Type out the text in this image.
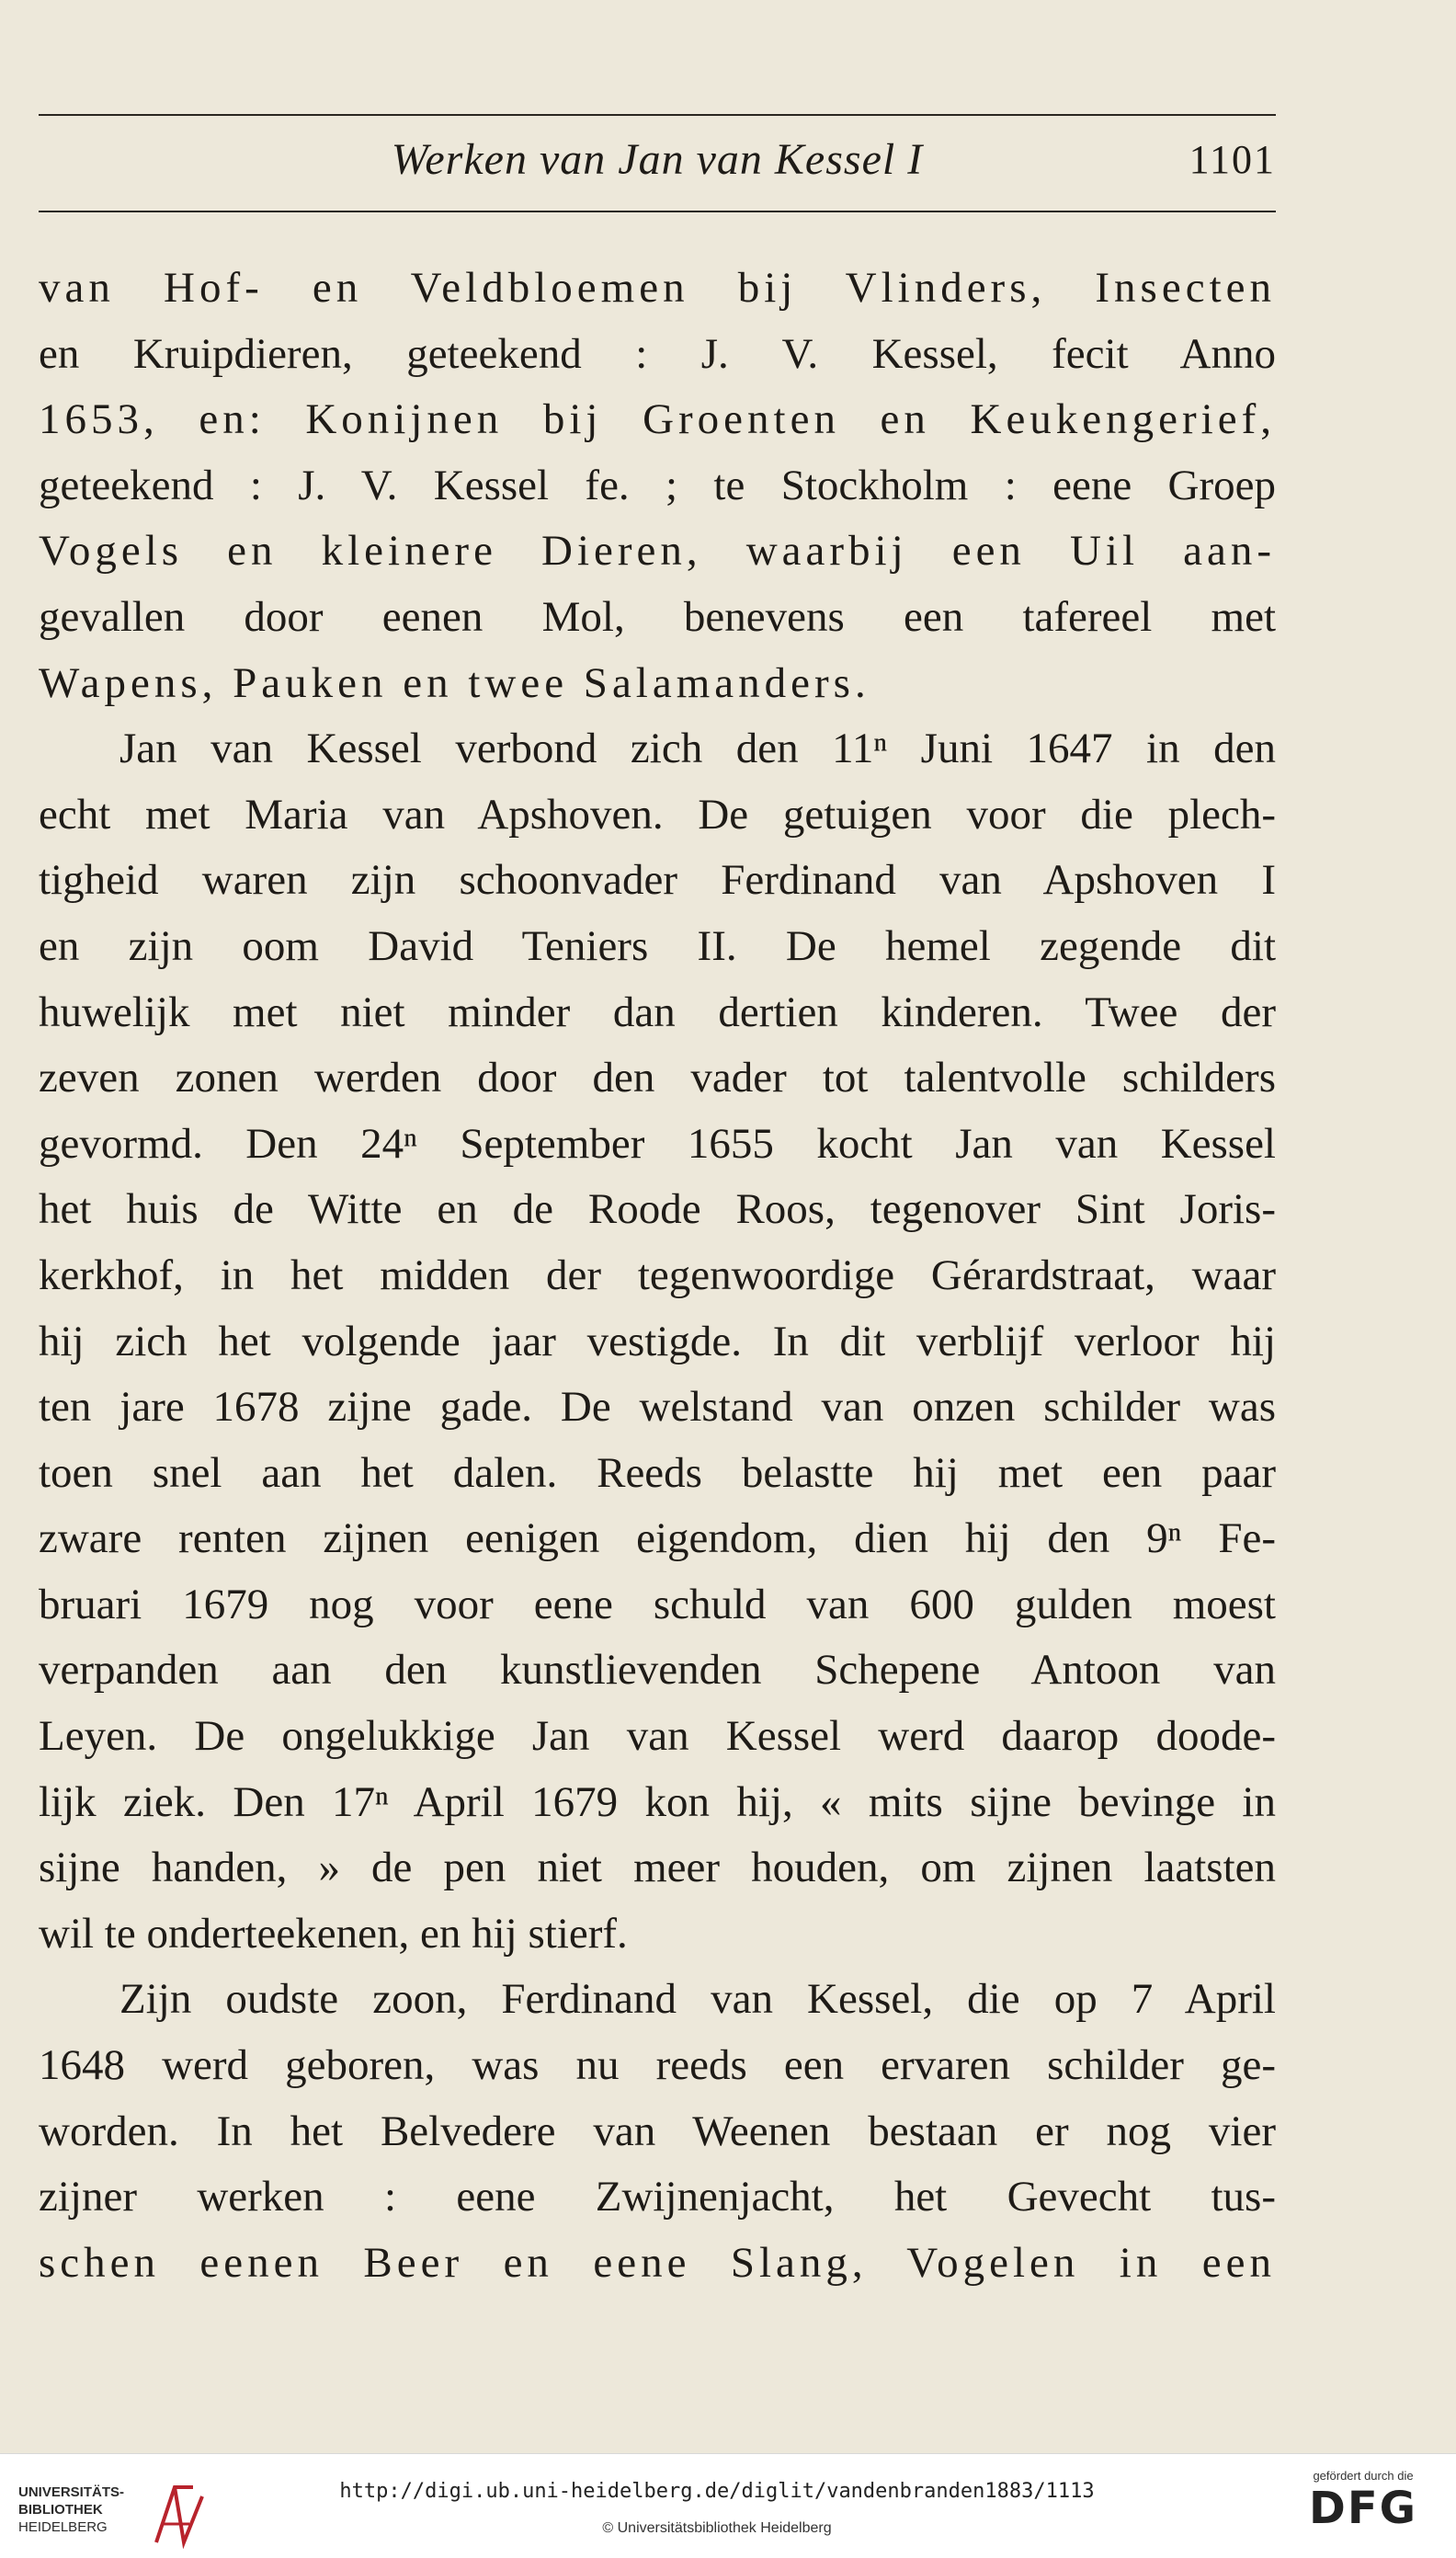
Werken van Jan van Kessel I	1101
van Hof- en Veldbloemen bij Vlinders, Insecten
en Kruipdieren, geteekend : J. V. Kessel, fecit Anno
1653, en: Konijnen bij Groenten en Keukengerief,
geteekend : J. V. Kessel fe. ; te Stockholm : eene Groep
Vogels en kleinere Dieren, waarbij een Uil aan-
gevallen door eenen Mol, benevens een tafereel met
Wapens, Pauken en twee Salamanders.
Jan van Kessel verbond zich den 11ⁿ Juni 1647 in den
echt met Maria van Apshoven. De getuigen voor die plech-
tigheid waren zijn schoonvader Ferdinand van Apshoven I
en zijn oom David Teniers II. De hemel zegende dit
huwelijk met niet minder dan dertien kinderen. Twee der
zeven zonen werden door den vader tot talentvolle schilders
gevormd. Den 24ⁿ September 1655 kocht Jan van Kessel
het huis de Witte en de Roode Roos, tegenover Sint Joris-
kerkhof, in het midden der tegenwoordige Gérardstraat, waar
hij zich het volgende jaar vestigde. In dit verblijf verloor hij
ten jare 1678 zijne gade. De welstand van onzen schilder was
toen snel aan het dalen. Reeds belastte hij met een paar
zware renten zijnen eenigen eigendom, dien hij den 9ⁿ Fe-
bruari 1679 nog voor eene schuld van 600 gulden moest
verpanden aan den kunstlievenden Schepene Antoon van
Leyen. De ongelukkige Jan van Kessel werd daarop doode-
lijk ziek. Den 17ⁿ April 1679 kon hij, « mits sijne bevinge in
sijne handen, » de pen niet meer houden, om zijnen laatsten
wil te onderteekenen, en hij stierf.
Zijn oudste zoon, Ferdinand van Kessel, die op 7 April
1648 werd geboren, was nu reeds een ervaren schilder ge-
worden. In het Belvedere van Weenen bestaan er nog vier
zijner werken : eene Zwijnenjacht, het Gevecht tus-
schen eenen Beer en eene Slang, Vogelen in een
UNIVERSITÄTS-
BIBLIOTHEK
HEIDELBERG
http://digi.ub.uni-heidelberg.de/diglit/vandenbranden1883/1113
© Universitätsbibliothek Heidelberg
gefördert durch die
DFG
